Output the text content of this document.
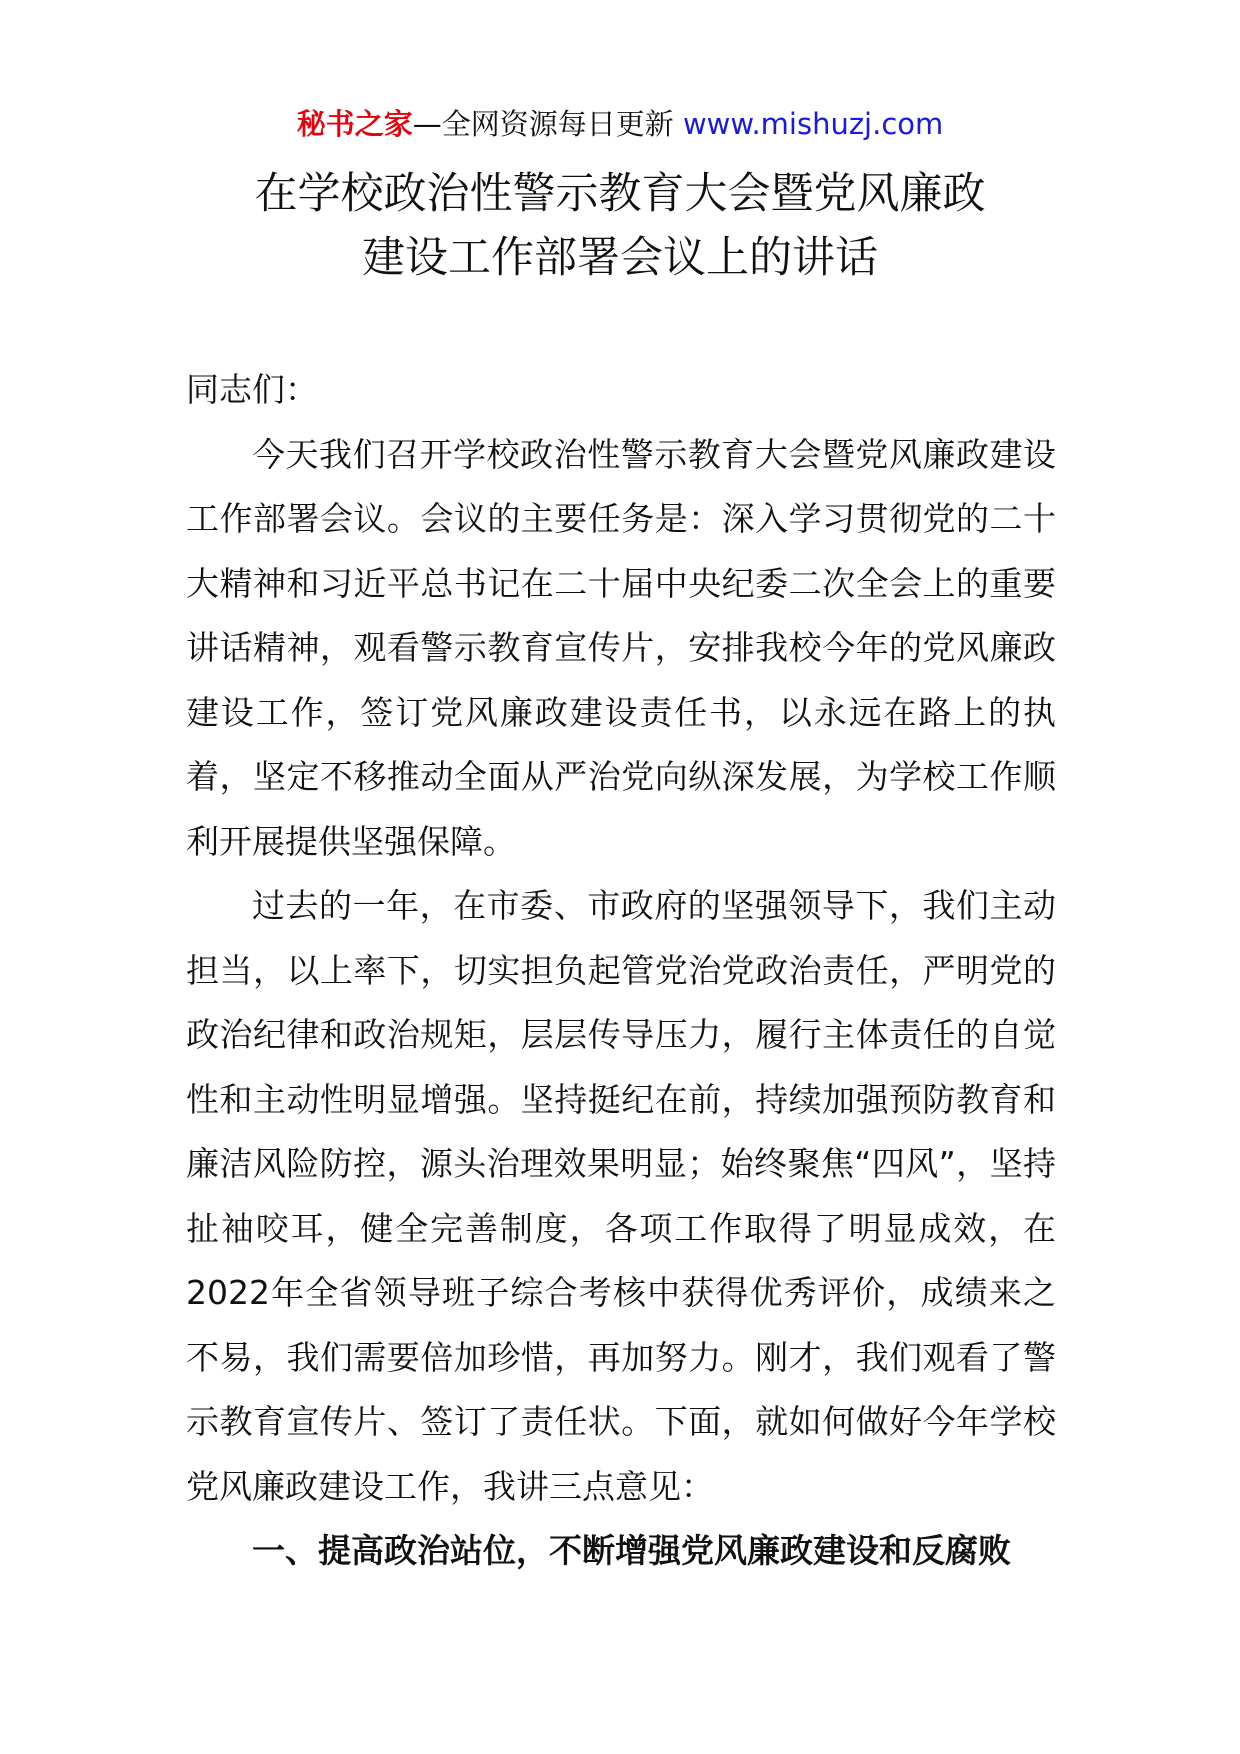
秘书之家—全网资源每日更新 www.mishuzj.com
在学校政治性警示教育大会暨党风廉政
建设工作部署会议上的讲话

同志们：

今天我们召开学校政治性警示教育大会暨党风廉政建设工作部署会议。会议的主要任务是：深入学习贯彻党的二十大精神和习近平总书记在二十届中央纪委二次全会上的重要讲话精神，观看警示教育宣传片，安排我校今年的党风廉政建设工作，签订党风廉政建设责任书，以永远在路上的执着，坚定不移推动全面从严治党向纵深发展，为学校工作顺利开展提供坚强保障。

过去的一年，在市委、市政府的坚强领导下，我们主动担当，以上率下，切实担负起管党治党政治责任，严明党的政治纪律和政治规矩，层层传导压力，履行主体责任的自觉性和主动性明显增强。坚持挺纪在前，持续加强预防教育和廉洁风险防控，源头治理效果明显；始终聚焦“四风”，坚持扯袖咬耳，健全完善制度，各项工作取得了明显成效，在2022年全省领导班子综合考核中获得优秀评价，成绩来之不易，我们需要倍加珍惜，再加努力。刚才，我们观看了警示教育宣传片、签订了责任状。下面，就如何做好今年学校党风廉政建设工作，我讲三点意见：

一、提高政治站位，不断增强党风廉政建设和反腐败
